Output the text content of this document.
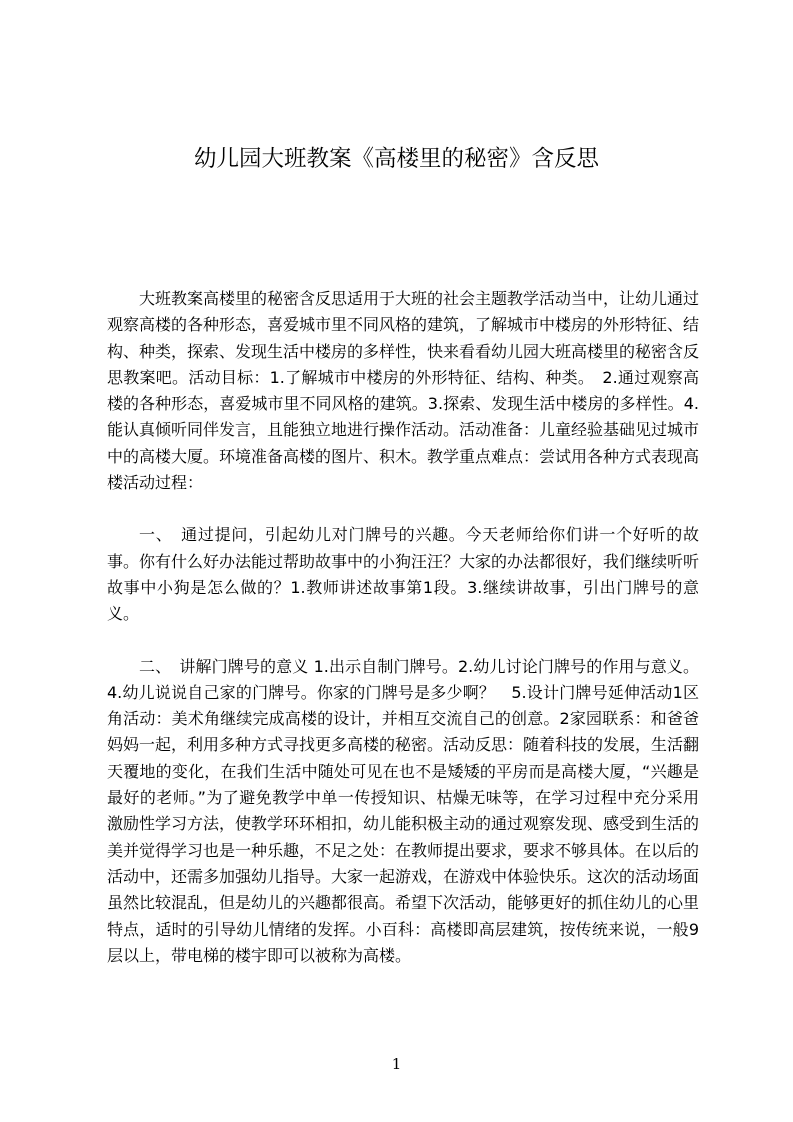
幼儿园大班教案《高楼里的秘密》含反思

大班教案高楼里的秘密含反思适用于大班的社会主题教学活动当中，让幼儿通过观察高楼的各种形态，喜爱城市里不同风格的建筑，了解城市中楼房的外形特征、结构、种类，探索、发现生活中楼房的多样性，快来看看幼儿园大班高楼里的秘密含反思教案吧。活动目标：1.了解城市中楼房的外形特征、结构、种类。　2.通过观察高楼的各种形态，喜爱城市里不同风格的建筑。3.探索、发现生活中楼房的多样性。4.能认真倾听同伴发言，且能独立地进行操作活动。活动准备：儿童经验基础见过城市中的高楼大厦。环境准备高楼的图片、积木。教学重点难点：尝试用各种方式表现高楼活动过程：

一、　通过提问，引起幼儿对门牌号的兴趣。今天老师给你们讲一个好听的故事。你有什么好办法能过帮助故事中的小狗汪汪？大家的办法都很好，我们继续听听故事中小狗是怎么做的？1.教师讲述故事第1段。3.继续讲故事，引出门牌号的意义。

二、　讲解门牌号的意义 1.出示自制门牌号。2.幼儿讨论门牌号的作用与意义。4.幼儿说说自己家的门牌号。你家的门牌号是多少啊？　5.设计门牌号延伸活动1区角活动：美术角继续完成高楼的设计，并相互交流自己的创意。2家园联系：和爸爸妈妈一起，利用多种方式寻找更多高楼的秘密。活动反思：随着科技的发展，生活翻天覆地的变化，在我们生活中随处可见在也不是矮矮的平房而是高楼大厦，“兴趣是最好的老师。”为了避免教学中单一传授知识、枯燥无味等，在学习过程中充分采用激励性学习方法，使教学环环相扣，幼儿能积极主动的通过观察发现、感受到生活的美并觉得学习也是一种乐趣，不足之处：在教师提出要求，要求不够具体。在以后的活动中，还需多加强幼儿指导。大家一起游戏，在游戏中体验快乐。这次的活动场面虽然比较混乱，但是幼儿的兴趣都很高。希望下次活动，能够更好的抓住幼儿的心里特点，适时的引导幼儿情绪的发挥。小百科：高楼即高层建筑，按传统来说，一般9层以上，带电梯的楼宇即可以被称为高楼。

1
